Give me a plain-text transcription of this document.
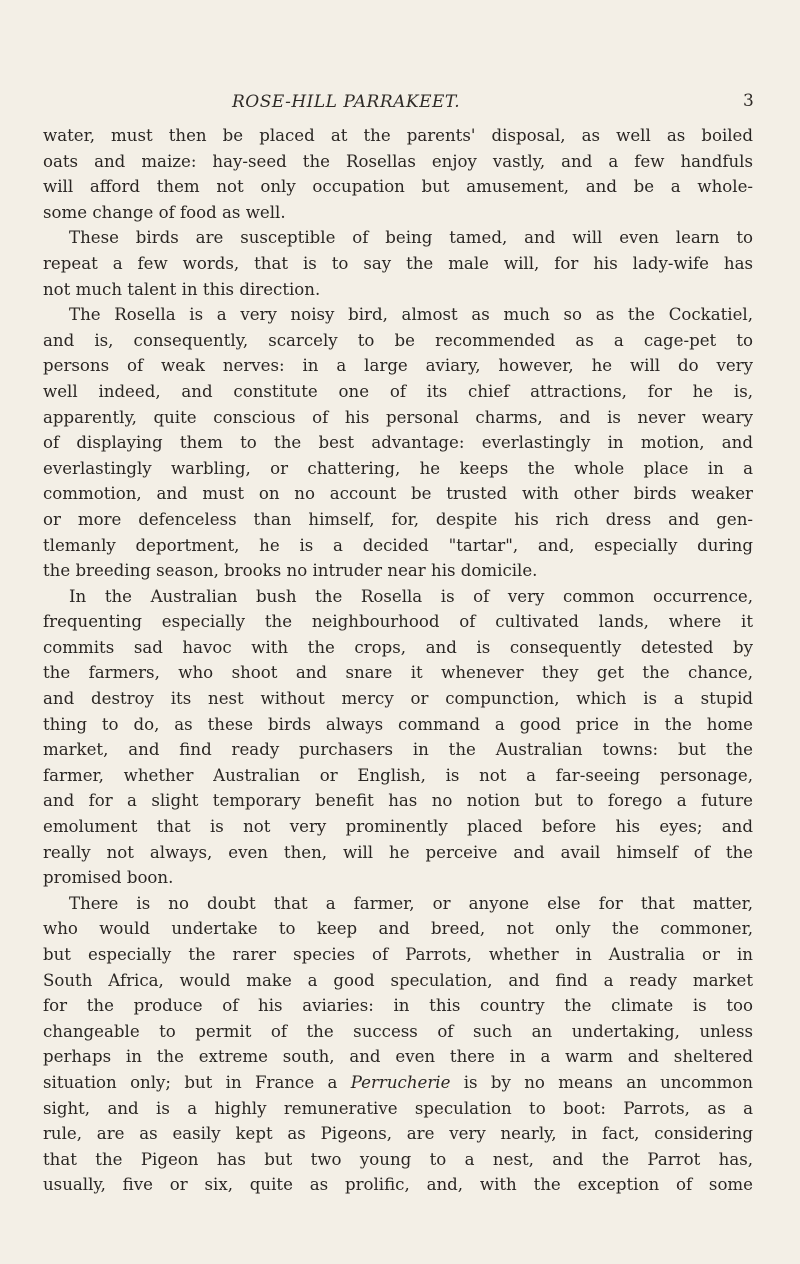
ROSE-HILL PARRAKEET.	3
water, must then be placed at the parents' disposal, as well as boiled
oats and maize: hay-seed the Rosellas enjoy vastly, and a few handfuls
will afford them not only occupation but amusement, and be a whole-
some change of food as well.
These birds are susceptible of being tamed, and will even learn to
repeat a few words, that is to say the male will, for his lady-wife has
not much talent in this direction.
The Rosella is a very noisy bird, almost as much so as the Cockatiel,
and is, consequently, scarcely to be recommended as a cage-pet to
persons of weak nerves: in a large aviary, however, he will do very
well indeed, and constitute one of its chief attractions, for he is,
apparently, quite conscious of his personal charms, and is never weary
of displaying them to the best advantage: everlastingly in motion, and
everlastingly warbling, or chattering, he keeps the whole place in a
commotion, and must on no account be trusted with other birds weaker
or more defenceless than himself, for, despite his rich dress and gen-
tlemanly deportment, he is a decided "tartar", and, especially during
the breeding season, brooks no intruder near his domicile.
In the Australian bush the Rosella is of very common occurrence,
frequenting especially the neighbourhood of cultivated lands, where it
commits sad havoc with the crops, and is consequently detested by
the farmers, who shoot and snare it whenever they get the chance,
and destroy its nest without mercy or compunction, which is a stupid
thing to do, as these birds always command a good price in the home
market, and find ready purchasers in the Australian towns: but the
farmer, whether Australian or English, is not a far-seeing personage,
and for a slight temporary benefit has no notion but to forego a future
emolument that is not very prominently placed before his eyes; and
really not always, even then, will he perceive and avail himself of the
promised boon.
There is no doubt that a farmer, or anyone else for that matter,
who would undertake to keep and breed, not only the commoner,
but especially the rarer species of Parrots, whether in Australia or in
South Africa, would make a good speculation, and find a ready market
for the produce of his aviaries: in this country the climate is too
changeable to permit of the success of such an undertaking, unless
perhaps in the extreme south, and even there in a warm and sheltered
situation only; but in France a Perrucherie is by no means an uncommon
sight, and is a highly remunerative speculation to boot: Parrots, as a
rule, are as easily kept as Pigeons, are very nearly, in fact, considering
that the Pigeon has but two young to a nest, and the Parrot has,
usually, five or six, quite as prolific, and, with the exception of some
